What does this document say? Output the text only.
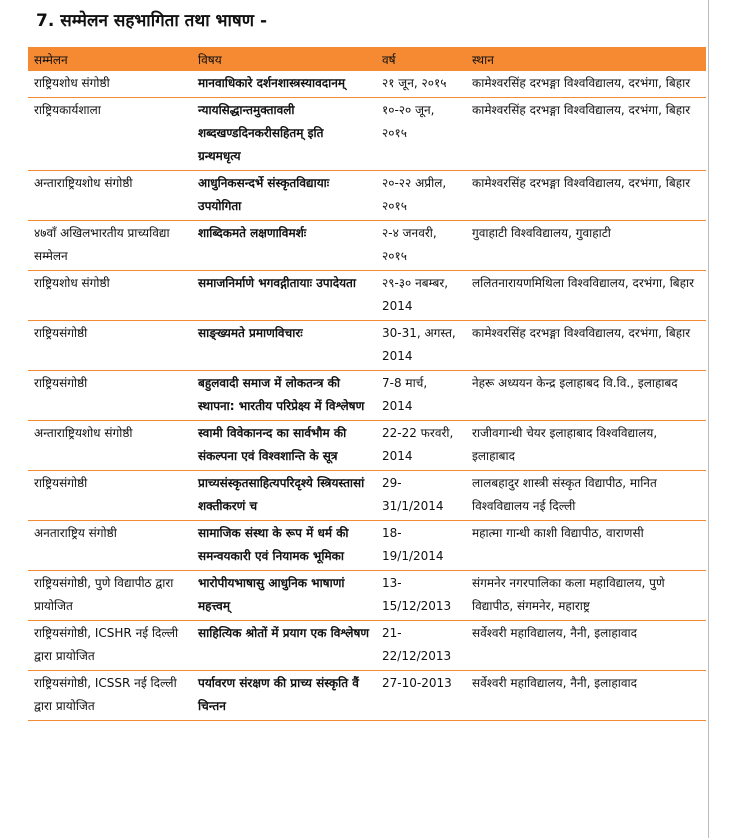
7. सम्मेलन सहभागिता तथा भाषण -
सम्मेलन	विषय	वर्ष	स्थान
राष्ट्रियशोध संगोष्ठी	मानवाधिकारे दर्शनशास्त्रस्यावदानम्	२१ जून, २०१५	कामेश्वरसिंह दरभङ्गा विश्वविद्यालय, दरभंगा, बिहार
राष्ट्रियकार्यशाला	न्यायसिद्धान्तमुक्तावली शब्दखण्डदिनकरीसहितम् इति ग्रन्थमधृत्य	१०-२० जून, २०१५	कामेश्वरसिंह दरभङ्गा विश्वविद्यालय, दरभंगा, बिहार
अन्ताराष्ट्रियशोध संगोष्ठी	आधुनिकसन्दर्भे संस्कृतविद्यायाः उपयोगिता	२०-२२ अप्रील, २०१५	कामेश्वरसिंह दरभङ्गा विश्वविद्यालय, दरभंगा, बिहार
४७वाँ अखिलभारतीय प्राच्यविद्या सम्मेलन	शाब्दिकमते लक्षणाविमर्शः	२-४ जनवरी, २०१५	गुवाहाटी विश्वविद्यालय, गुवाहाटी
राष्ट्रियशोध संगोष्ठी	समाजनिर्माणे भगवद्गीतायाः उपादेयता	२९-३० नबम्बर, 2014	ललितनारायणमिथिला विश्वविद्यालय, दरभंगा, बिहार
राष्ट्रियसंगोष्ठी	साङ्ख्यमते प्रमाणविचारः	30-31, अगस्त, 2014	कामेश्वरसिंह दरभङ्गा विश्वविद्यालय, दरभंगा, बिहार
राष्ट्रियसंगोष्ठी	बहुलवादी समाज में लोकतन्त्र की स्थापना: भारतीय परिप्रेक्ष्य में विश्लेषण	7-8 मार्च, 2014	नेहरू अध्ययन केन्द्र इलाहाबद वि.वि., इलाहाबद
अन्ताराष्ट्रियशोध संगोष्ठी	स्वामी विवेकानन्द का सार्वभौम की संकल्पना एवं विश्वशान्ति के सूत्र	22-22 फरवरी, 2014	राजीवगान्धी चेयर इलाहाबाद विश्वविद्यालय, इलाहाबाद
राष्ट्रियसंगोष्ठी	प्राच्यसंस्कृतसाहित्यपरिदृश्ये स्त्रियस्तासां शक्तीकरणं च	29-31/1/2014	लालबहादुर शास्त्री संस्कृत विद्यापीठ, मानित विश्वविद्यालय नई दिल्ली
अनताराष्ट्रिय संगोष्ठी	सामाजिक संस्था के रूप में धर्म की समन्वयकारी एवं नियामक भूमिका	18-19/1/2014	महात्मा गान्धी काशी विद्यापीठ, वाराणसी
राष्ट्रियसंगोष्ठी, पुणे विद्यापीठ द्वारा प्रायोजित	भारोपीयभाषासु आधुनिक भाषाणां महत्त्वम्	13-15/12/2013	संगमनेर नगरपालिका कला महाविद्यालय, पुणे विद्यापीठ, संगमनेर, महाराष्ट्र
राष्ट्रियसंगोष्ठी, ICSHR नई दिल्ली द्वारा प्रायोजित	साहित्यिक श्रोतों में प्रयाग एक विश्लेषण	21-22/12/2013	सर्वेश्वरी महाविद्यालय, नैनी, इलाहावाद
राष्ट्रियसंगोष्ठी, ICSSR नई दिल्ली द्वारा प्रायोजित	पर्यावरण संरक्षण की प्राच्य संस्कृति वैं चिन्तन	27-10-2013	सर्वेश्वरी महाविद्यालय, नैनी, इलाहावाद
